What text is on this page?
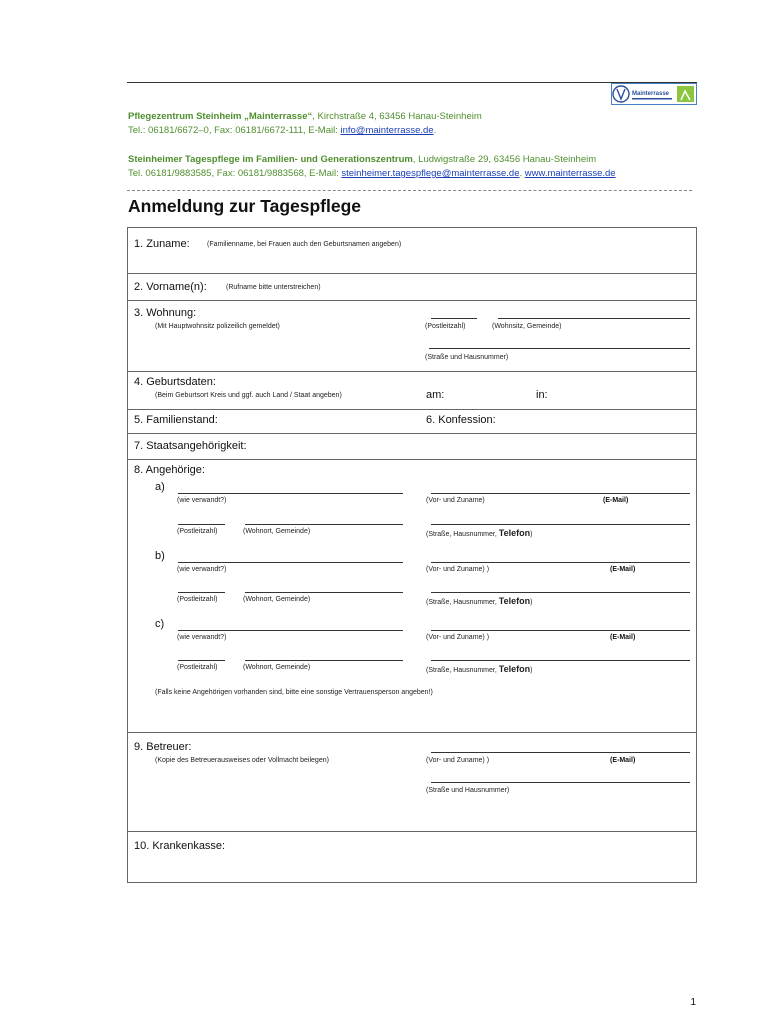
Mainterrasse
Pflegezentrum Steinheim „Mainterrasse“, Kirchstraße 4, 63456 Hanau-Steinheim
Tel.: 06181/6672–0, Fax: 06181/6672-111, E-Mail: info@mainterrasse.de.
Steinheimer Tagespflege im Familien- und Generationszentrum, Ludwigstraße 29, 63456 Hanau-Steinheim
Tel. 06181/9883585, Fax: 06181/9883568, E-Mail: steinheimer.tagespflege@mainterrasse.de. www.mainterrasse.de
Anmeldung zur Tagespflege
1. Zuname: (Familienname, bei Frauen auch den Geburtsnamen angeben)
2. Vorname(n):	(Rufname bitte unterstreichen)
3. Wohnung:
(Mit Hauptwohnsitz polizeilich gemeldet)	(Postleitzahl)	(Wohnsitz, Gemeinde)
(Straße und Hausnummer)
4. Geburtsdaten:
(Beim Geburtsort Kreis und ggf. auch Land / Staat angeben)	am:	in:
5. Familienstand:	6. Konfession:
7. Staatsangehörigkeit:
8. Angehörige:
a)
(wie verwandt?)	(Vor- und Zuname)	(E-Mail)
(Postleitzahl)	(Wohnort, Gemeinde)	(Straße, Hausnummer, Telefon)
b)
(wie verwandt?)	(Vor- und Zuname) )	(E-Mail)
(Postleitzahl)	(Wohnort, Gemeinde)	(Straße, Hausnummer, Telefon)
c)
(wie verwandt?)	(Vor- und Zuname) )	(E-Mail)
(Postleitzahl)	(Wohnort, Gemeinde)	(Straße, Hausnummer, Telefon)
(Falls keine Angehörigen vorhanden sind, bitte eine sonstige Vertrauensperson angeben!)
9. Betreuer:
(Kopie des Betreuerausweises oder Vollmacht beilegen)	(Vor- und Zuname) )	(E-Mail)
(Straße und Hausnummer)
10. Krankenkasse:
1
